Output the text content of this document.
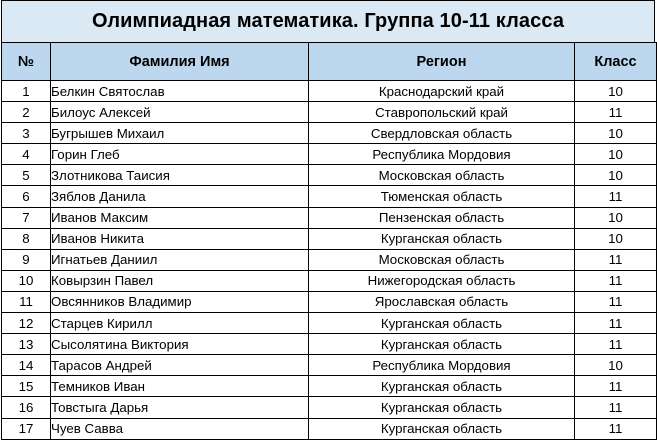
Олимпиадная математика. Группа 10-11 класса
№	Фамилия Имя	Регион	Класс
1	Белкин Святослав	Краснодарский край	10
2	Билоус Алексей	Ставропольский край	11
3	Бугрышев Михаил	Свердловская область	10
4	Горин Глеб	Республика Мордовия	10
5	Злотникова Таисия	Московская область	10
6	Зяблов Данила	Тюменская область	11
7	Иванов Максим	Пензенская область	10
8	Иванов Никита	Курганская область	10
9	Игнатьев Даниил	Московская область	11
10	Ковырзин Павел	Нижегородская область	11
11	Овсянников Владимир	Ярославская область	11
12	Старцев Кирилл	Курганская область	11
13	Сысолятина Виктория	Курганская область	11
14	Тарасов Андрей	Республика Мордовия	10
15	Темников Иван	Курганская область	11
16	Товстыга Дарья	Курганская область	11
17	Чуев Савва	Курганская область	11
